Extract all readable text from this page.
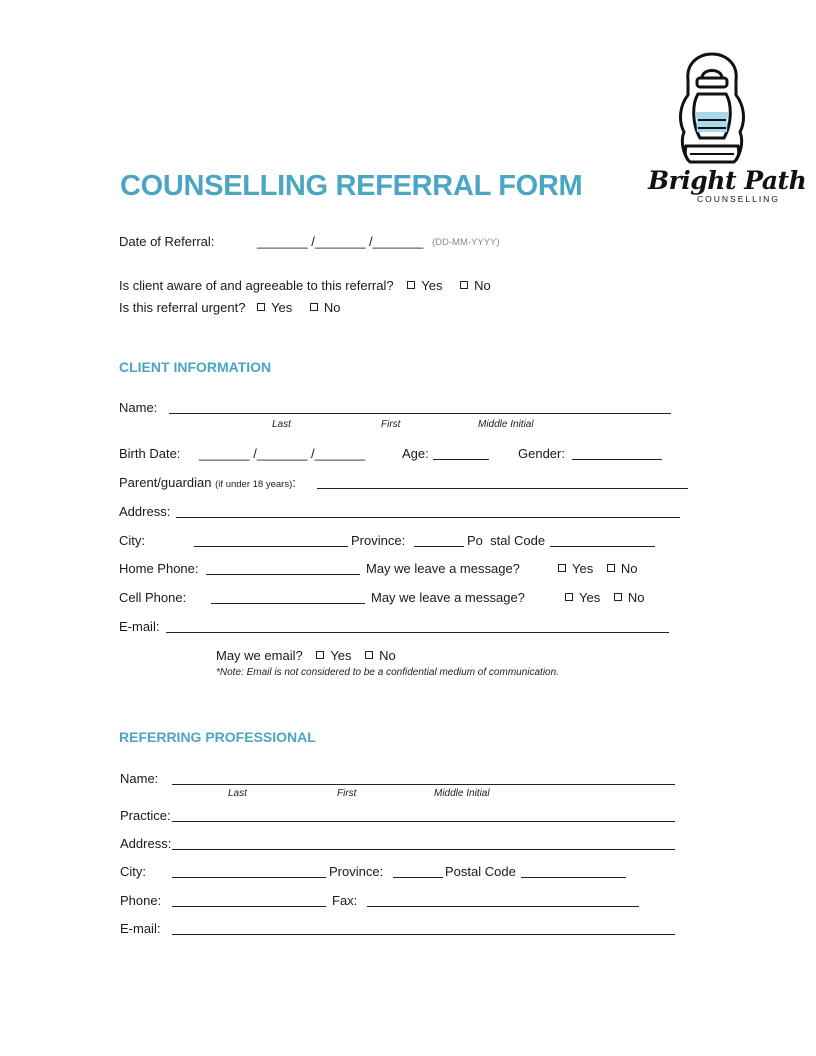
Bright Path
COUNSELLING
COUNSELLING REFERRAL FORM
Date of Referral:	_______ /_______ /_______ (DD-MM-YYYY)
Is client aware of and agreeable to this referral? Yes No
Is this referral urgent? Yes No
CLIENT INFORMATION
Name:
Last	First	Middle Initial
Birth Date: _______ /_______ /_______	Age:	Gender:
Parent/guardian (if under 18 years):
Address:
City:	Province:	Po  stal Code
Home Phone:	May we leave a message?	Yes No
Cell Phone:	May we leave a message?	Yes No
E-mail:
May we email? Yes No
*Note: Email is not considered to be a confidential medium of communication.
REFERRING PROFESSIONAL
Name:
Last	First	Middle Initial
Practice:
Address:
City:	Province:	Postal Code
Phone:	Fax:
E-mail:
